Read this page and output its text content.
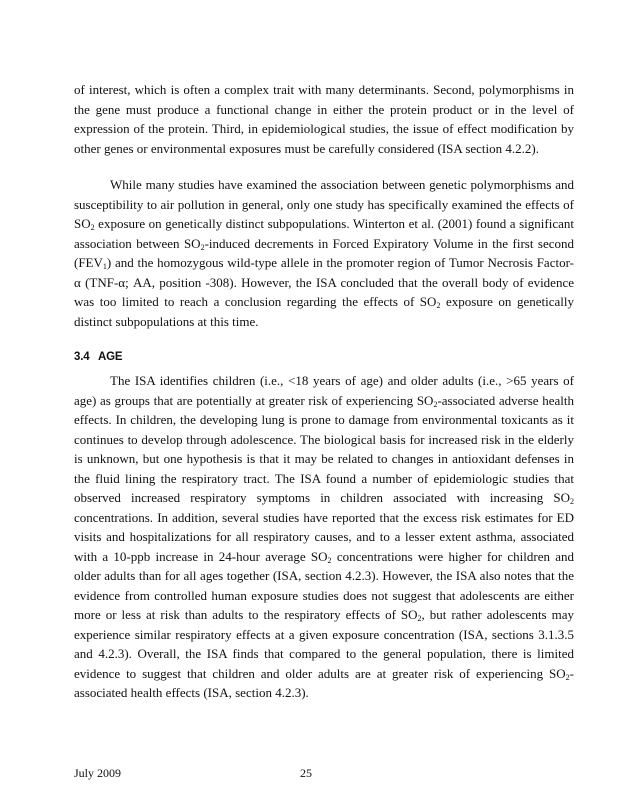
of interest, which is often a complex trait with many determinants. Second, polymorphisms in the gene must produce a functional change in either the protein product or in the level of expression of the protein. Third, in epidemiological studies, the issue of effect modification by other genes or environmental exposures must be carefully considered (ISA section 4.2.2).

While many studies have examined the association between genetic polymorphisms and susceptibility to air pollution in general, only one study has specifically examined the effects of $SO_2$ exposure on genetically distinct subpopulations. Winterton et al. (2001) found a significant association between $SO_2$-induced decrements in Forced Expiratory Volume in the first second $(FEV_1)$ and the homozygous wild-type allele in the promoter region of Tumor Necrosis Factor-α (TNF-α; AA, position -308). However, the ISA concluded that the overall body of evidence was too limited to reach a conclusion regarding the effects of $SO_2$ exposure on genetically distinct subpopulations at this time.

3.4 AGE

The ISA identifies children (i.e., <18 years of age) and older adults (i.e., >65 years of age) as groups that are potentially at greater risk of experiencing $SO_2$-associated adverse health effects. In children, the developing lung is prone to damage from environmental toxicants as it continues to develop through adolescence. The biological basis for increased risk in the elderly is unknown, but one hypothesis is that it may be related to changes in antioxidant defenses in the fluid lining the respiratory tract. The ISA found a number of epidemiologic studies that observed increased respiratory symptoms in children associated with increasing $SO_2$ concentrations. In addition, several studies have reported that the excess risk estimates for ED visits and hospitalizations for all respiratory causes, and to a lesser extent asthma, associated with a 10-ppb increase in 24-hour average $SO_2$ concentrations were higher for children and older adults than for all ages together (ISA, section 4.2.3). However, the ISA also notes that the evidence from controlled human exposure studies does not suggest that adolescents are either more or less at risk than adults to the respiratory effects of $SO_2$, but rather adolescents may experience similar respiratory effects at a given exposure concentration (ISA, sections 3.1.3.5 and 4.2.3). Overall, the ISA finds that compared to the general population, there is limited evidence to suggest that children and older adults are at greater risk of experiencing $SO_2$-associated health effects (ISA, section 4.2.3).

July 2009	25
